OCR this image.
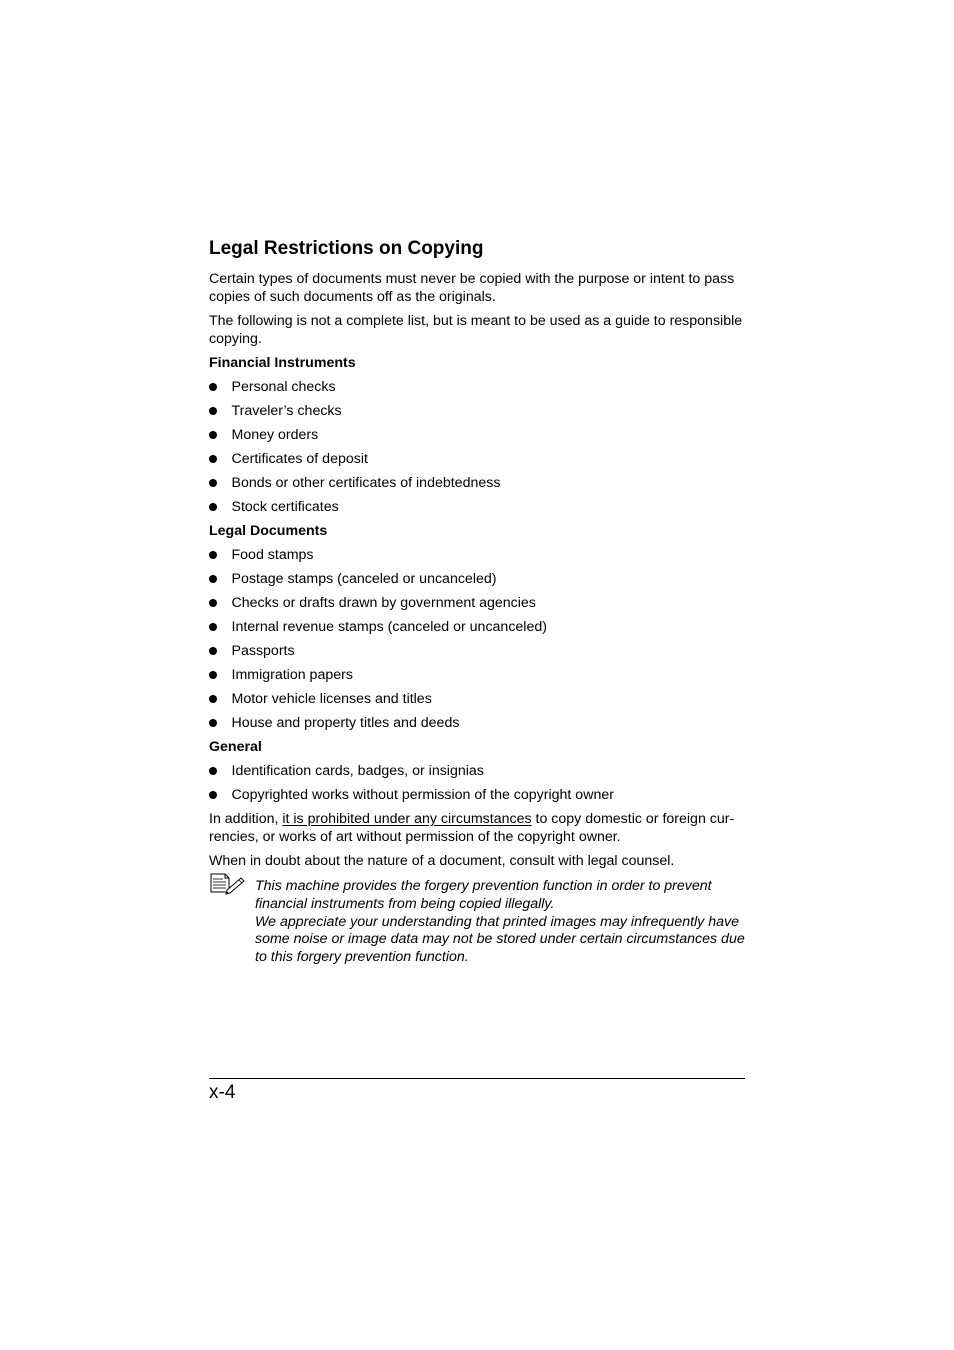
Legal Restrictions on Copying

Certain types of documents must never be copied with the purpose or intent to pass copies of such documents off as the originals.

The following is not a complete list, but is meant to be used as a guide to responsible copying.

Financial Instruments
Personal checks
Traveler’s checks
Money orders
Certificates of deposit
Bonds or other certificates of indebtedness
Stock certificates
Legal Documents
Food stamps
Postage stamps (canceled or uncanceled)
Checks or drafts drawn by government agencies
Internal revenue stamps (canceled or uncanceled)
Passports
Immigration papers
Motor vehicle licenses and titles
House and property titles and deeds
General
Identification cards, badges, or insignias
Copyrighted works without permission of the copyright owner

In addition, it is prohibited under any circumstances to copy domestic or foreign cur-rencies, or works of art without permission of the copyright owner.

When in doubt about the nature of a document, consult with legal counsel.

This machine provides the forgery prevention function in order to prevent financial instruments from being copied illegally.
We appreciate your understanding that printed images may infrequently have some noise or image data may not be stored under certain circumstances due to this forgery prevention function.
x-4
